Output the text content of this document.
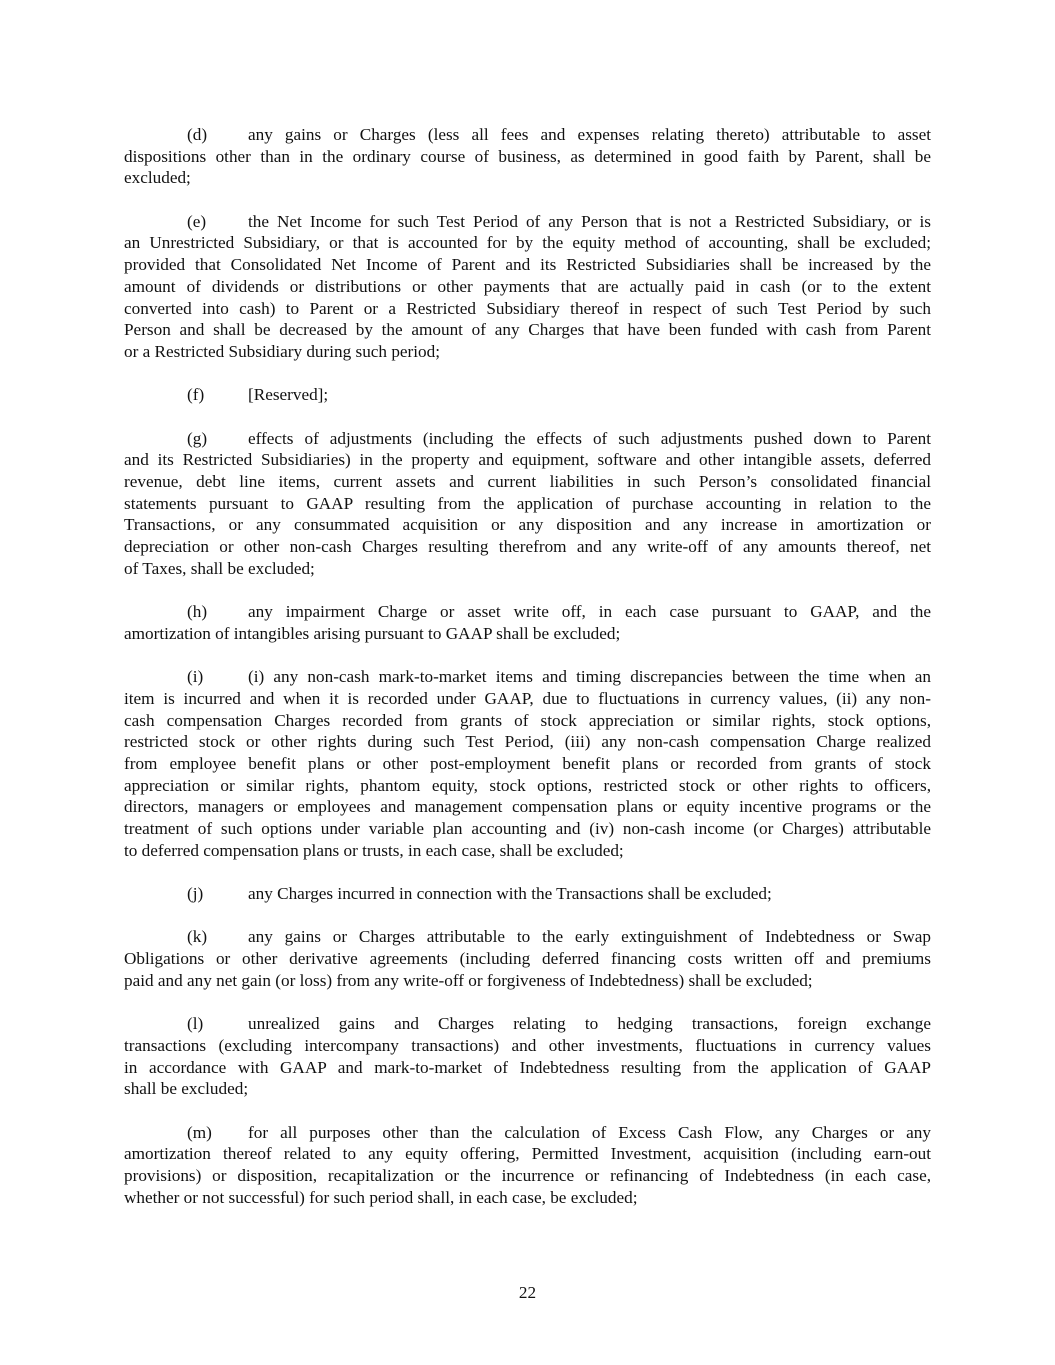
any gains or Charges (less all fees and expenses relating thereto) attributable to asset
(d)
dispositions other than in the ordinary course of business, as determined in good faith by Parent, shall be
excluded;
the Net Income for such Test Period of any Person that is not a Restricted Subsidiary, or is
(e)
an Unrestricted Subsidiary, or that is accounted for by the equity method of accounting, shall be excluded;
provided that Consolidated Net Income of Parent and its Restricted Subsidiaries shall be increased by the
amount of dividends or distributions or other payments that are actually paid in cash (or to the extent
converted into cash) to Parent or a Restricted Subsidiary thereof in respect of such Test Period by such
Person and shall be decreased by the amount of any Charges that have been funded with cash from Parent
or a Restricted Subsidiary during such period;
[Reserved];
(f)
effects of adjustments (including the effects of such adjustments pushed down to Parent
(g)
and its Restricted Subsidiaries) in the property and equipment, software and other intangible assets, deferred
revenue, debt line items, current assets and current liabilities in such Person’s consolidated financial
statements pursuant to GAAP resulting from the application of purchase accounting in relation to the
Transactions, or any consummated acquisition or any disposition and any increase in amortization or
depreciation or other non-cash Charges resulting therefrom and any write-off of any amounts thereof, net
of Taxes, shall be excluded;
any impairment Charge or asset write off, in each case pursuant to GAAP, and the
(h)
amortization of intangibles arising pursuant to GAAP shall be excluded;
(i) any non-cash mark-to-market items and timing discrepancies between the time when an
(i)
item is incurred and when it is recorded under GAAP, due to fluctuations in currency values, (ii) any non-
cash compensation Charges recorded from grants of stock appreciation or similar rights, stock options,
restricted stock or other rights during such Test Period, (iii) any non-cash compensation Charge realized
from employee benefit plans or other post-employment benefit plans or recorded from grants of stock
appreciation or similar rights, phantom equity, stock options, restricted stock or other rights to officers,
directors, managers or employees and management compensation plans or equity incentive programs or the
treatment of such options under variable plan accounting and (iv) non-cash income (or Charges) attributable
to deferred compensation plans or trusts, in each case, shall be excluded;
any Charges incurred in connection with the Transactions shall be excluded;
(j)
any gains or Charges attributable to the early extinguishment of Indebtedness or Swap
(k)
Obligations or other derivative agreements (including deferred financing costs written off and premiums
paid and any net gain (or loss) from any write-off or forgiveness of Indebtedness) shall be excluded;
unrealized gains and Charges relating to hedging transactions, foreign exchange
(l)
transactions (excluding intercompany transactions) and other investments, fluctuations in currency values
in accordance with GAAP and mark-to-market of Indebtedness resulting from the application of GAAP
shall be excluded;
for all purposes other than the calculation of Excess Cash Flow, any Charges or any
(m)
amortization thereof related to any equity offering, Permitted Investment, acquisition (including earn-out
provisions) or disposition, recapitalization or the incurrence or refinancing of Indebtedness (in each case,
whether or not successful) for such period shall, in each case, be excluded;
22
